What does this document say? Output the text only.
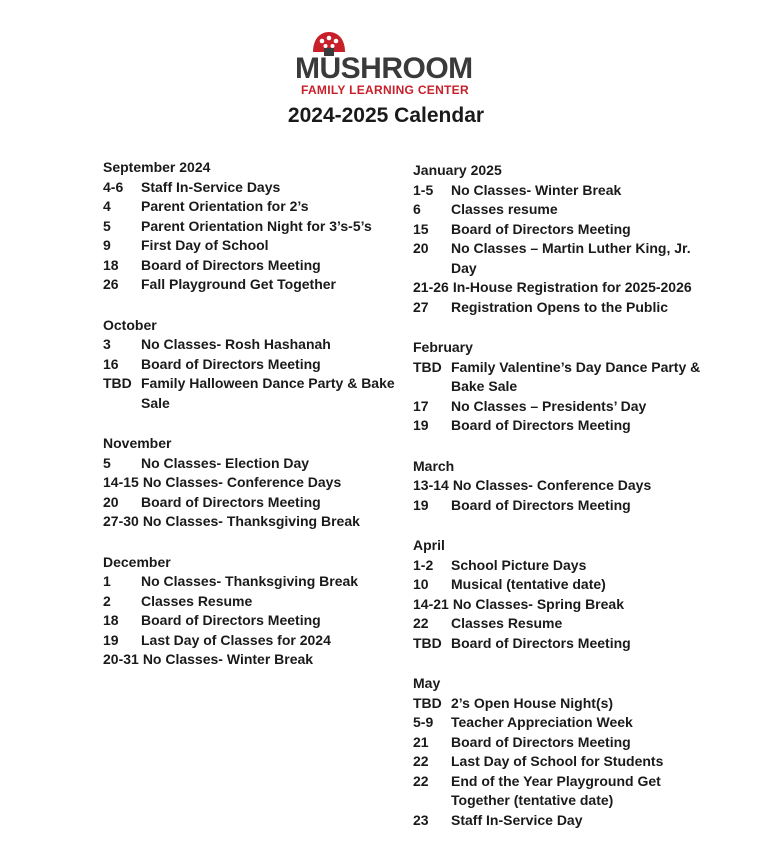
MUSHROOM
FAMILY LEARNING CENTER
2024-2025 Calendar
September 2024
4-6	Staff In-Service Days
4	Parent Orientation for 2’s
5	Parent Orientation Night for 3’s-5’s
9	First Day of School
18	Board of Directors Meeting
26	Fall Playground Get Together
October
3	No Classes- Rosh Hashanah
16	Board of Directors Meeting
TBD Family Halloween Dance Party & Bake Sale
November
5	No Classes- Election Day
14-15 No Classes- Conference Days
20	Board of Directors Meeting
27-30 No Classes- Thanksgiving Break
December
1	No Classes- Thanksgiving Break
2	Classes Resume
18	Board of Directors Meeting
19	Last Day of Classes for 2024
20-31 No Classes- Winter Break
January 2025
1-5	No Classes- Winter Break
6	Classes resume
15	Board of Directors Meeting
20	No Classes – Martin Luther King, Jr. Day
21-26 In-House Registration for 2025-2026
27	Registration Opens to the Public
February
TBD Family Valentine’s Day Dance Party & Bake Sale
17	No Classes – Presidents’ Day
19	Board of Directors Meeting
March
13-14 No Classes- Conference Days
19	Board of Directors Meeting
April
1-2	School Picture Days
10	Musical (tentative date)
14-21 No Classes- Spring Break
22	Classes Resume
TBD Board of Directors Meeting
May
TBD 2’s Open House Night(s)
5-9	Teacher Appreciation Week
21	Board of Directors Meeting
22	Last Day of School for Students
22	End of the Year Playground Get Together (tentative date)
23	Staff In-Service Day
